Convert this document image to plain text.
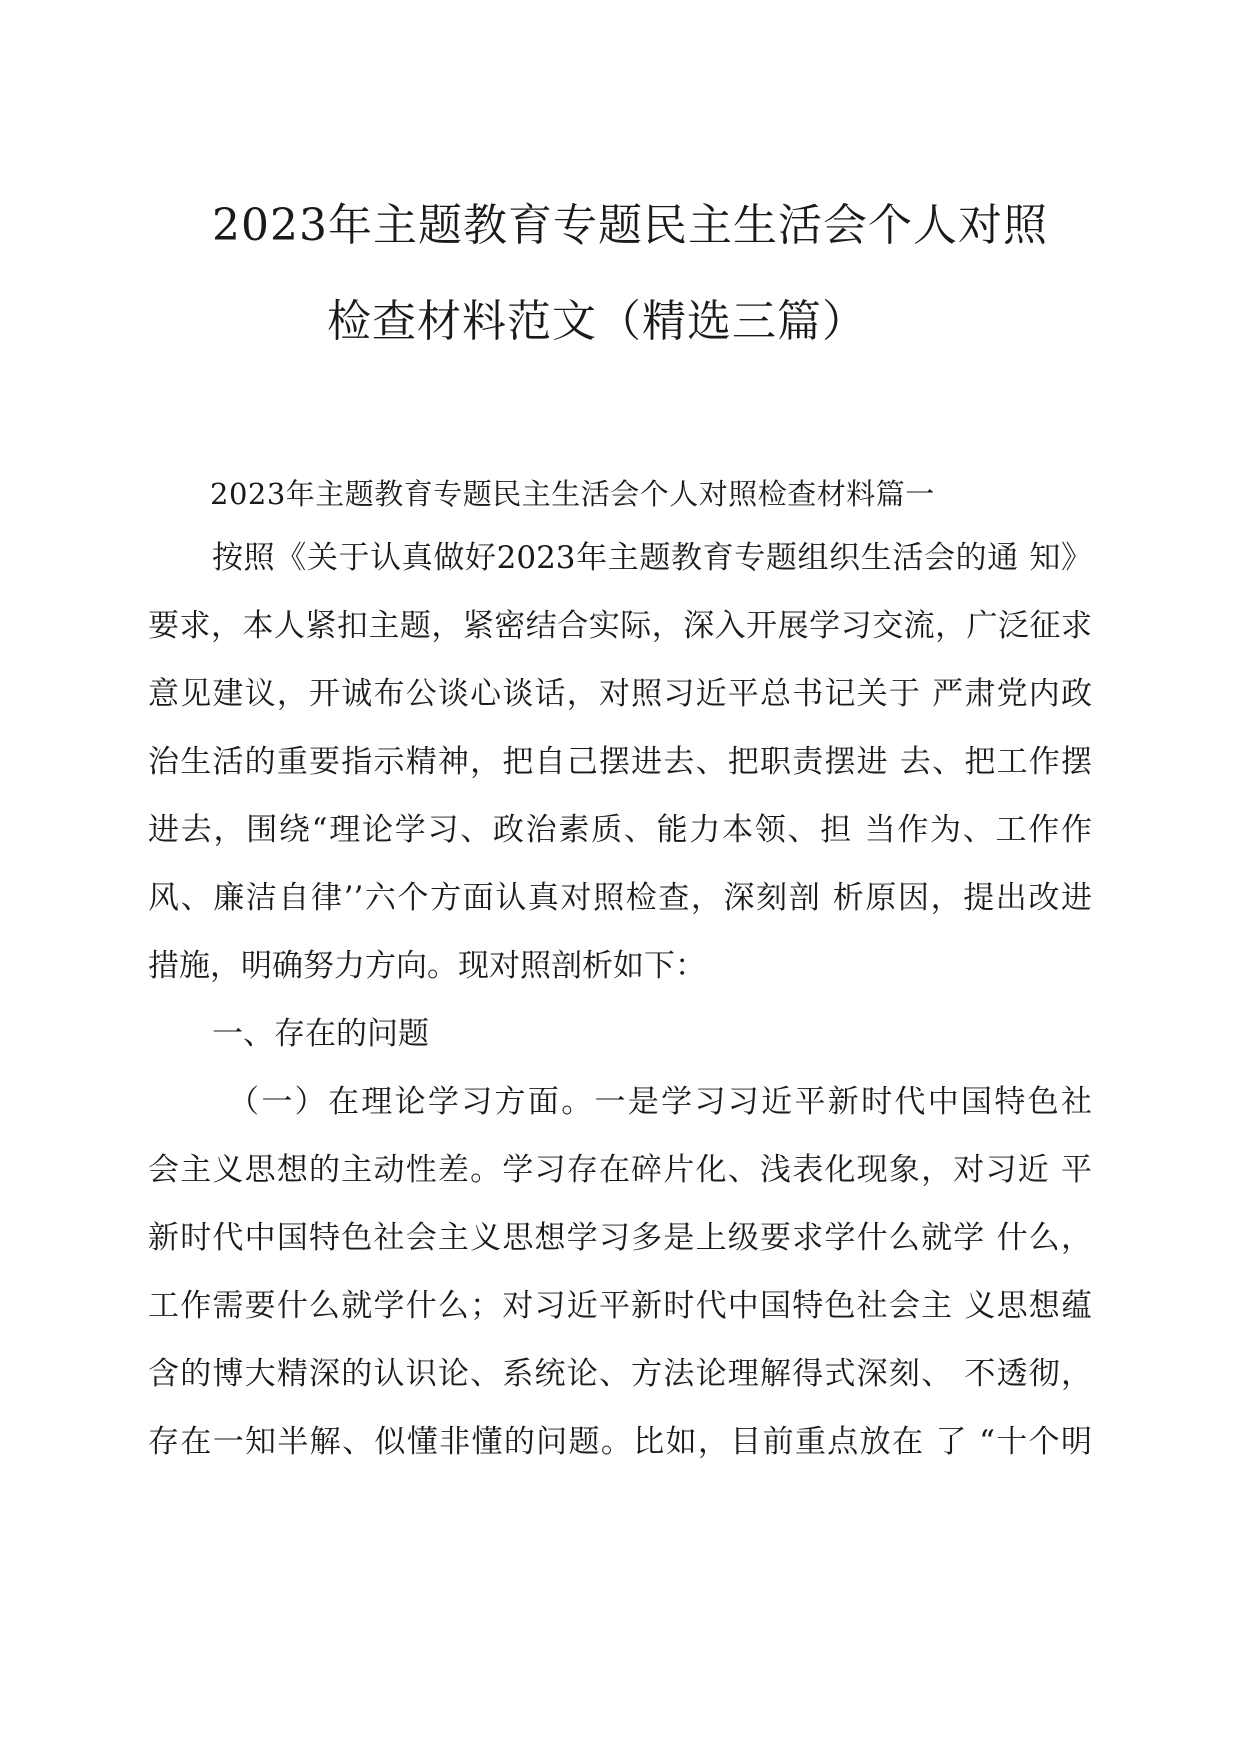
2023年主题教育专题民主生活会个人对照
检查材料范文（精选三篇）
2023年主题教育专题民主生活会个人对照检查材料篇一
按照《关于认真做好2023年主题教育专题组织生活会的通 知》
要求，本人紧扣主题，紧密结合实际，深入开展学习交流，广泛征求
意见建议，开诚布公谈心谈话，对照习近平总书记关于 严肃党内政
治生活的重要指示精神，把自己摆进去、把职责摆进 去、把工作摆
进去，围绕“理论学习、政治素质、能力本领、担 当作为、工作作
风、廉洁自律’’六个方面认真对照检查，深刻剖 析原因，提出改进
措施，明确努力方向。现对照剖析如下：
一、存在的问题
（一）在理论学习方面。一是学习习近平新时代中国特色社
会主义思想的主动性差。学习存在碎片化、浅表化现象，对习近 平
新时代中国特色社会主义思想学习多是上级要求学什么就学 什么，
工作需要什么就学什么；对习近平新时代中国特色社会主 义思想蕴
含的博大精深的认识论、系统论、方法论理解得式深刻、 不透彻，
存在一知半解、似懂非懂的问题。比如，目前重点放在 了 “十个明
